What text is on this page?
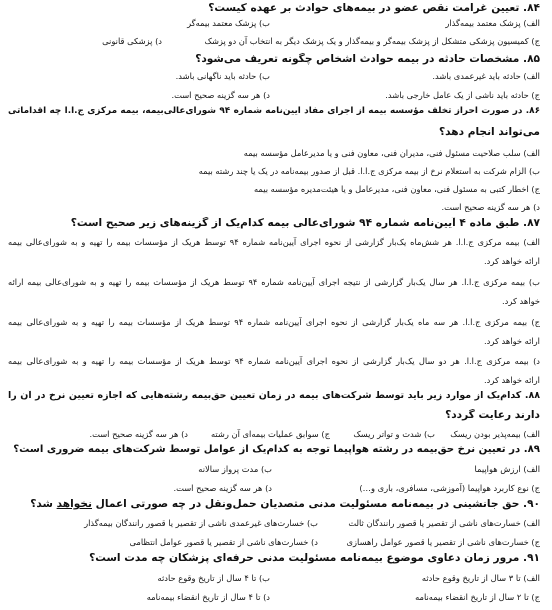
۸۴. تعیین غرامت نقص عضو در بیمه‌های حوادث بر عهده کیست؟
الف) پزشک معتمد بیمه‌گذار
ب) پزشک معتمد بیمه‌گر
ج) کمیسیون پزشکی متشکل از پزشک بیمه‌گر و بیمه‌گذار و یک پزشک دیگر به انتخاب آن دو پزشک
د) پزشکی قانونی
۸۵. مشخصات حادثه در بیمه حوادث اشخاص چگونه تعریف می‌شود؟
الف) حادثه باید غیرعمدی باشد.
ب) حادثه باید ناگهانی باشد.
ج) حادثه باید ناشی از یک عامل خارجی باشد.
د) هر سه گزینه صحیح است.
۸۶. در صورت احراز تخلف مؤسسه بیمه از اجرای مفاد آیین‌نامه شماره ۹۴ شورای‌عالی‌بیمه، بیمه مرکزی ج.ا.ا چه اقداماتی
می‌تواند انجام دهد؟
الف) سلب صلاحیت مسئول فنی، مدیران فنی، معاون فنی و یا مدیرعامل مؤسسه بیمه
ب) الزام شرکت به استعلام نرخ از بیمه مرکزی ج.ا.ا. قبل از صدور بیمه‌نامه در یک یا چند رشته بیمه
ج) اخطار کتبی به مسئول فنی، معاون فنی، مدیرعامل و یا هیئت‌مدیره مؤسسه بیمه
د) هر سه گزینه صحیح است.
۸۷. طبق ماده ۴ آیین‌نامه شماره ۹۴ شورای‌عالی بیمه کدام‌یک از گزینه‌های زیر صحیح است؟
الف) بیمه مرکزی ج.ا.ا. هر شش‌ماه یک‌بار گزارشی از نحوه اجرای آیین‌نامه شماره ۹۴ توسط هریک از مؤسسات بیمه را تهیه و به شورای‌عالی بیمه
ارائه خواهد کرد.
ب) بیمه مرکزی ج.ا.ا. هر سال یک‌بار گزارشی از نتیجه اجرای آیین‌نامه شماره ۹۴ توسط هریک از مؤسسات بیمه را تهیه و به شورای‌عالی بیمه ارائه
خواهد کرد.
ج) بیمه مرکزی ج.ا.ا. هر سه ماه یک‌بار گزارشی از نحوه اجرای آیین‌نامه شماره ۹۴ توسط هریک از مؤسسات بیمه را تهیه و به شورای‌عالی بیمه
ارائه خواهد کرد.
د) بیمه مرکزی ج.ا.ا. هر دو سال یک‌بار گزارشی از نحوه اجرای آیین‌نامه شماره ۹۴ توسط هریک از مؤسسات بیمه را تهیه و به شورای‌عالی بیمه
ارائه خواهد کرد.
۸۸. کدام‌یک از موارد زیر باید توسط شرکت‌های بیمه در زمان تعیین حق‌بیمه رشته‌هایی که اجازه تعیین نرخ در آن را
دارند رعایت گردد؟
الف) بیمه‌پذیر بودن ریسک
ب) شدت و تواتر ریسک
ج) سوابق عملیات بیمه‌ای آن رشته
د) هر سه گزینه صحیح است.
۸۹. در تعیین نرخ حق‌بیمه در رشته هواپیما توجه به کدام‌یک از عوامل توسط شرکت‌های بیمه ضروری است؟
الف) ارزش هواپیما
ب) مدت پرواز سالانه
ج) نوع کاربرد هواپیما (آموزشی، مسافری، باری و…)
د) هر سه گزینه صحیح است.
۹۰. حق جانشینی در بیمه‌نامه مسئولیت مدنی متصدیان حمل‌ونقل در چه صورتی اعمال نخواهد شد؟
الف) خسارت‌های ناشی از تقصیر یا قصور رانندگان ثالث
ب) خسارت‌های غیرعمدی ناشی از تقصیر یا قصور رانندگان بیمه‌گذار
ج) خسارت‌های ناشی از تقصیر یا قصور عوامل راهسازی
د) خسارت‌های ناشی از تقصیر یا قصور عوامل انتظامی
۹۱. مرور زمان دعاوی موضوع بیمه‌نامه مسئولیت مدنی حرفه‌ای پزشکان چه مدت است؟
الف) تا ۳ سال از تاریخ وقوع حادثه
ب) تا ۴ سال از تاریخ وقوع حادثه
ج) تا ۲ سال از تاریخ انقضاء بیمه‌نامه
د) تا ۴ سال از تاریخ انقضاء بیمه‌نامه
